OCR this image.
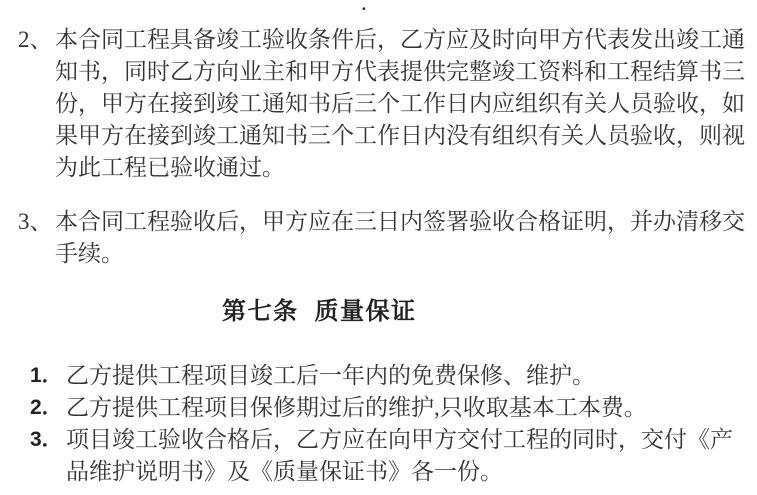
.
2、 本合同工程具备竣工验收条件后，乙方应及时向甲方代表发出竣工通
知书，同时乙方向业主和甲方代表提供完整竣工资料和工程结算书三
份，甲方在接到竣工通知书后三个工作日内应组织有关人员验收，如
果甲方在接到竣工通知书三个工作日内没有组织有关人员验收，则视
为此工程已验收通过。
3、 本合同工程验收后，甲方应在三日内签署验收合格证明，并办清移交
手续。
第七条 质量保证
1． 乙方提供工程项目竣工后一年内的免费保修、维护。
2． 乙方提供工程项目保修期过后的维护,只收取基本工本费。
3． 项目竣工验收合格后，乙方应在向甲方交付工程的同时，交付《产
品维护说明书》及《质量保证书》各一份。
